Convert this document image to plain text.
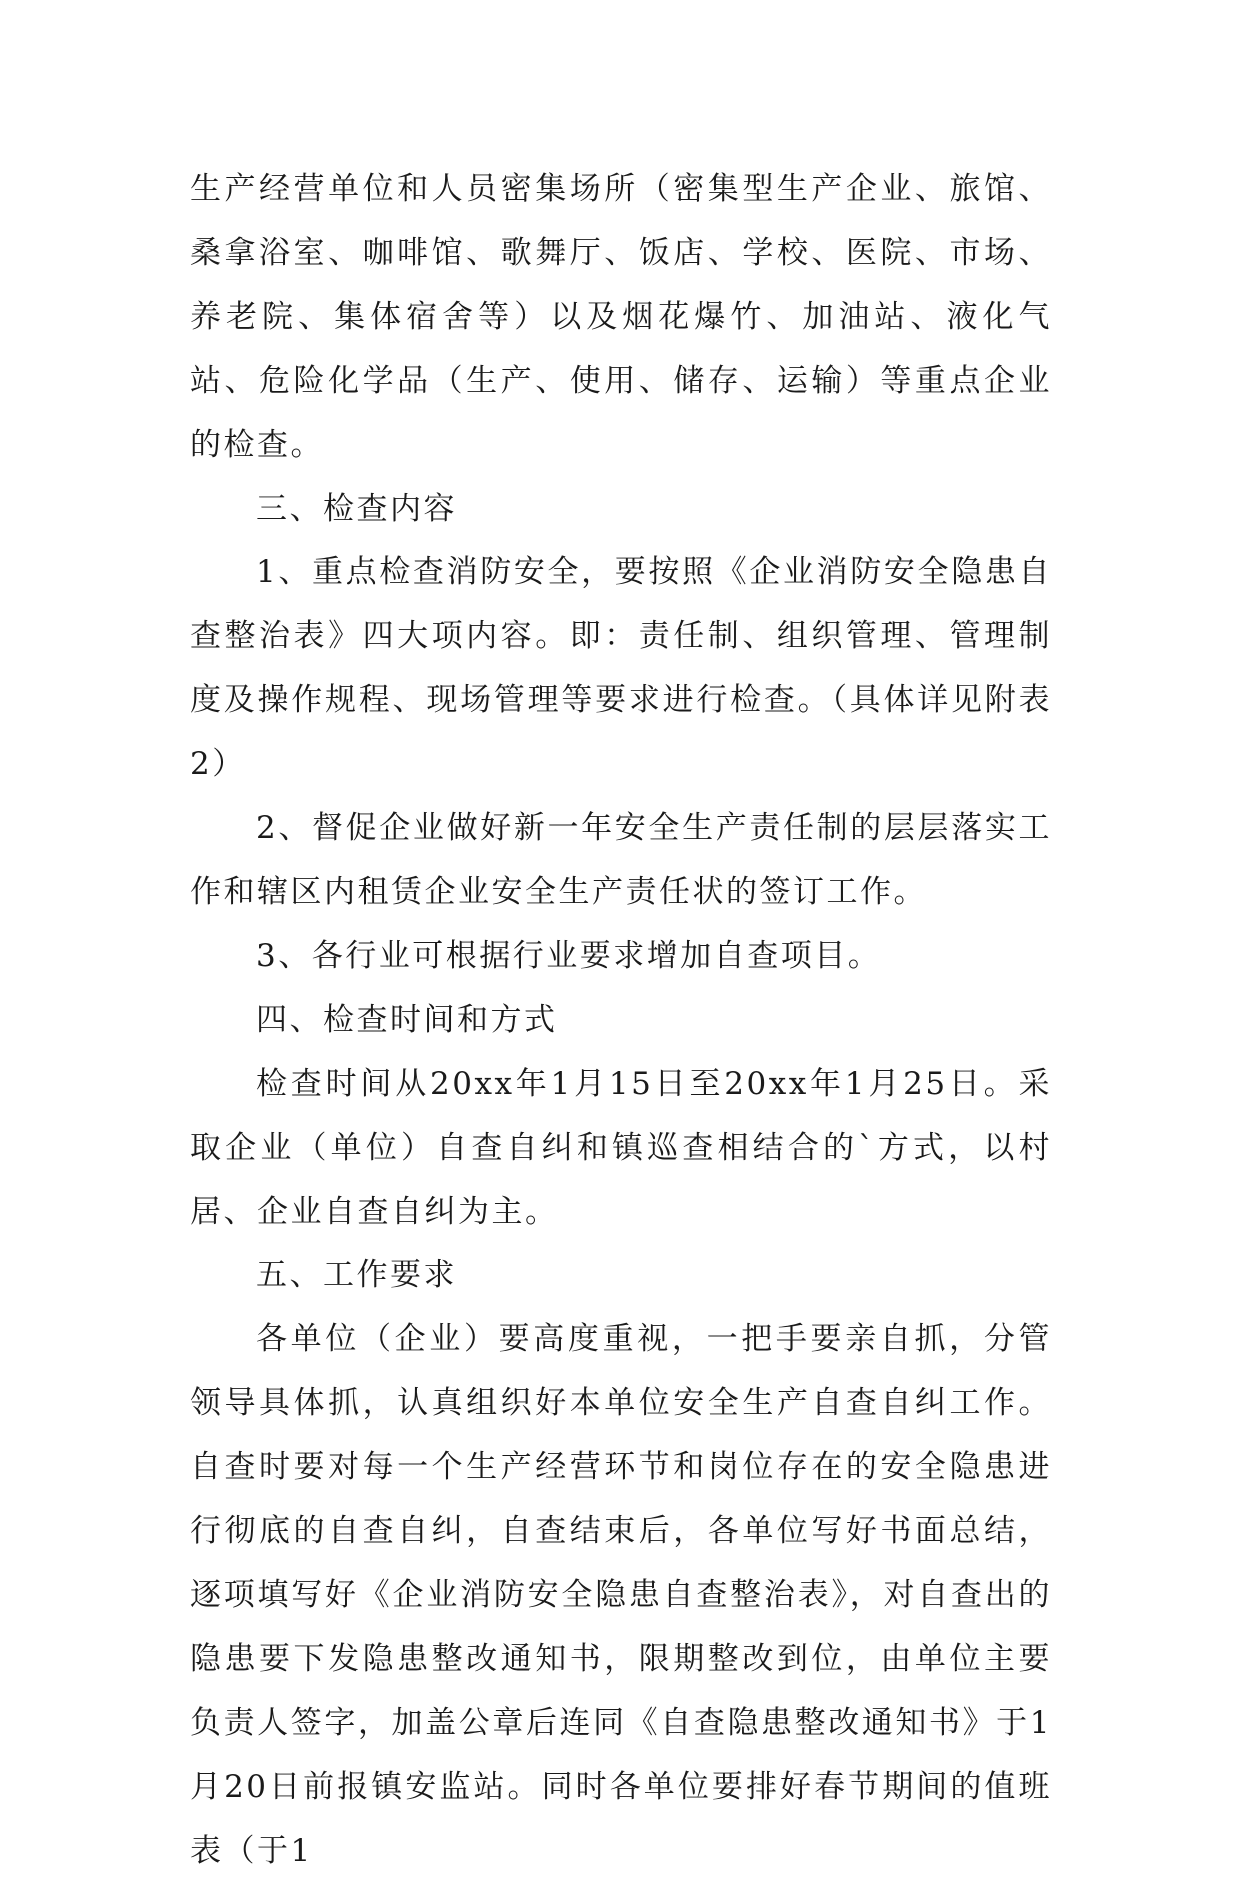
生产经营单位和人员密集场所（密集型生产企业、旅馆、桑拿浴室、咖啡馆、歌舞厅、饭店、学校、医院、市场、养老院、集体宿舍等）以及烟花爆竹、加油站、液化气站、危险化学品（生产、使用、储存、运输）等重点企业的检查。

三、检查内容

1、重点检查消防安全，要按照《企业消防安全隐患自查整治表》四大项内容。即：责任制、组织管理、管理制度及操作规程、现场管理等要求进行检查。（具体详见附表2）

2、督促企业做好新一年安全生产责任制的层层落实工作和辖区内租赁企业安全生产责任状的签订工作。

3、各行业可根据行业要求增加自查项目。

四、检查时间和方式

检查时间从20xx年1月15日至20xx年1月25日。采取企业（单位）自查自纠和镇巡查相结合的`方式，以村居、企业自查自纠为主。

五、工作要求

各单位（企业）要高度重视，一把手要亲自抓，分管领导具体抓，认真组织好本单位安全生产自查自纠工作。自查时要对每一个生产经营环节和岗位存在的安全隐患进行彻底的自查自纠，自查结束后，各单位写好书面总结，逐项填写好《企业消防安全隐患自查整治表》，对自查出的隐患要下发隐患整改通知书，限期整改到位，由单位主要负责人签字，加盖公章后连同《自查隐患整改通知书》于1月20日前报镇安监站。同时各单位要排好春节期间的值班表（于1
